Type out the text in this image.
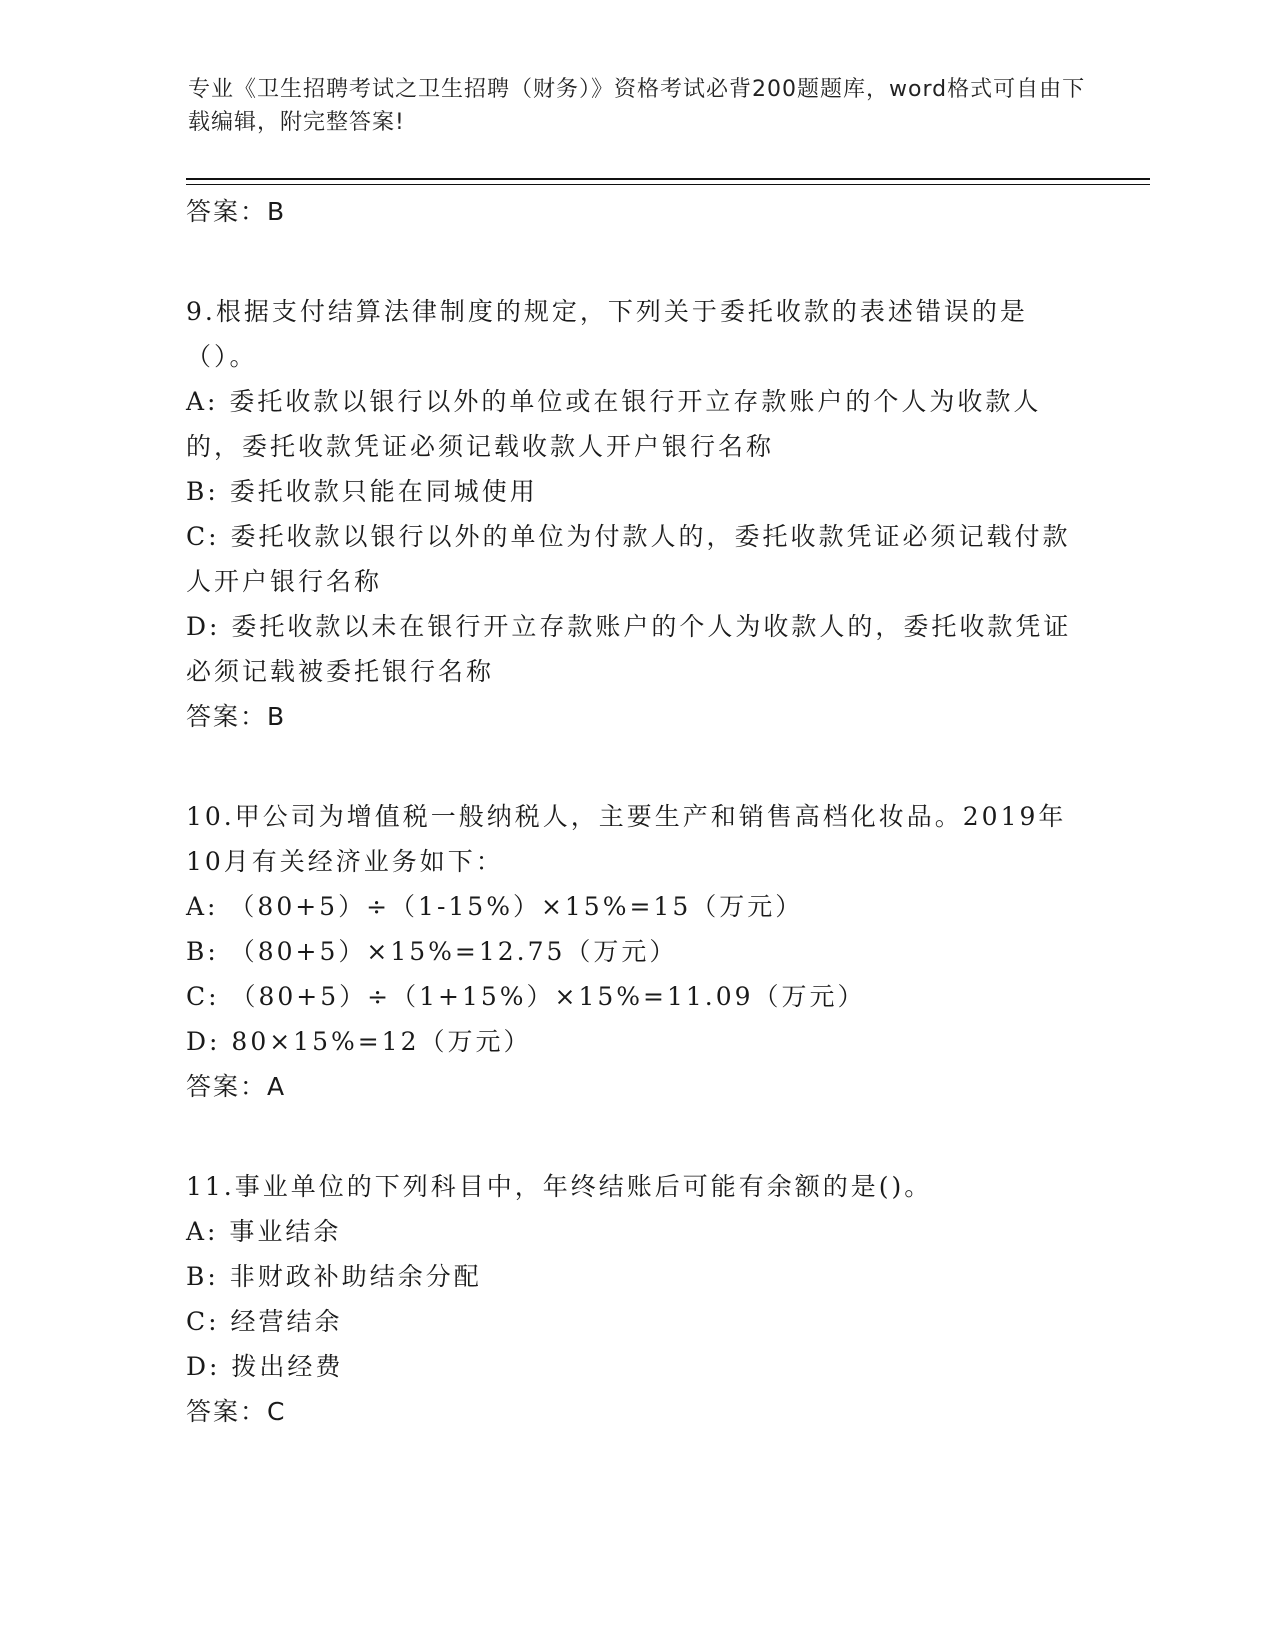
专业《卫生招聘考试之卫生招聘（财务）》资格考试必背200题题库，word格式可自由下载编辑，附完整答案!
答案：B
9.根据支付结算法律制度的规定，下列关于委托收款的表述错误的是（）。
A: 委托收款以银行以外的单位或在银行开立存款账户的个人为收款人的，委托收款凭证必须记载收款人开户银行名称
B: 委托收款只能在同城使用
C: 委托收款以银行以外的单位为付款人的，委托收款凭证必须记载付款人开户银行名称
D: 委托收款以未在银行开立存款账户的个人为收款人的，委托收款凭证必须记载被委托银行名称
答案：B
10.甲公司为增值税一般纳税人，主要生产和销售高档化妆品。2019年10月有关经济业务如下：
A: （80+5）÷（1-15%）×15%=15（万元）
B: （80+5）×15%=12.75（万元）
C: （80+5）÷（1+15%）×15%=11.09（万元）
D: 80×15%=12（万元）
答案：A
11.事业单位的下列科目中，年终结账后可能有余额的是()。
A: 事业结余
B: 非财政补助结余分配
C: 经营结余
D: 拨出经费
答案：C
